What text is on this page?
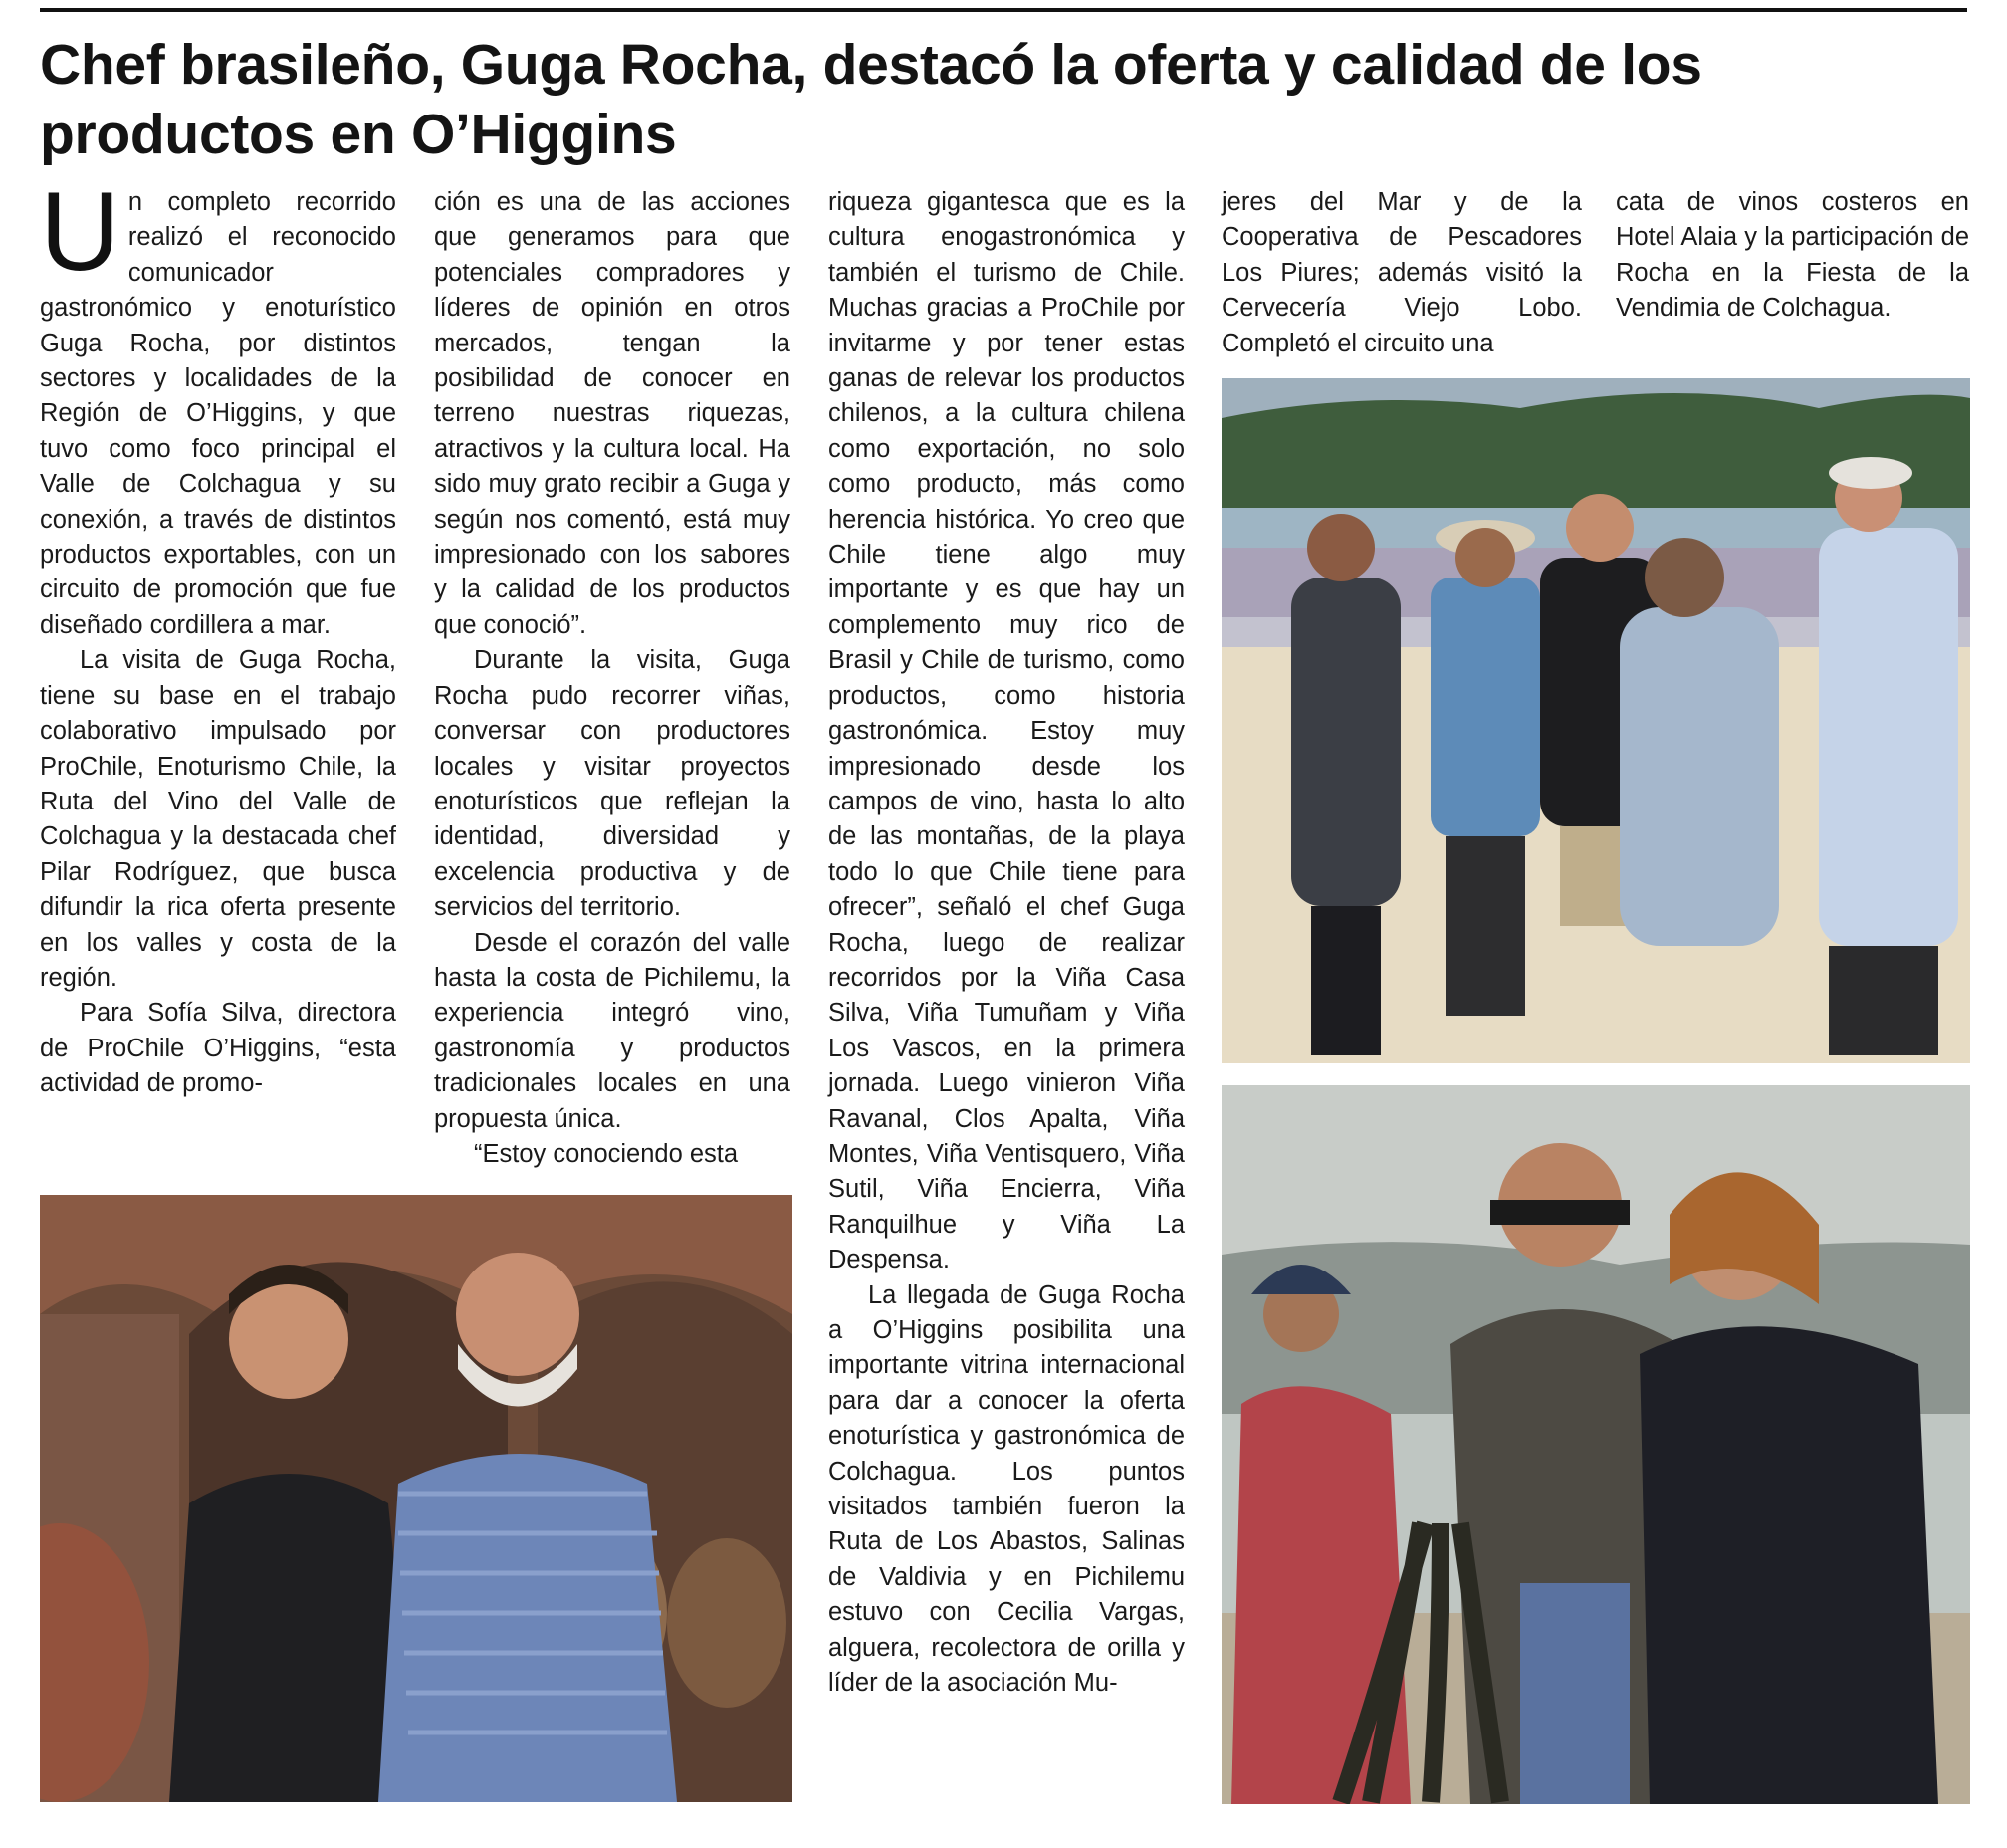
Chef brasileño, Guga Rocha, destacó la oferta y calidad de los productos en O’Higgins

Un completo recorrido realizó el reconocido comunicador gastronómico y enoturístico Guga Rocha, por distintos sectores y localidades de la Región de O’Higgins, y que tuvo como foco principal el Valle de Colchagua y su conexión, a través de distintos productos exportables, con un circuito de promoción que fue diseñado cordillera a mar.

La visita de Guga Rocha, tiene su base en el trabajo colaborativo impulsado por ProChile, Enoturismo Chile, la Ruta del Vino del Valle de Colchagua y la destacada chef Pilar Rodríguez, que busca difundir la rica oferta presente en los valles y costa de la región.

Para Sofía Silva, directora de ProChile O’Higgins, “esta actividad de promo-

ción es una de las acciones que generamos para que potenciales compradores y líderes de opinión en otros mercados, tengan la posibilidad de conocer en terreno nuestras riquezas, atractivos y la cultura local. Ha sido muy grato recibir a Guga y según nos comentó, está muy impresionado con los sabores y la calidad de los productos que conoció”.

Durante la visita, Guga Rocha pudo recorrer viñas, conversar con productores locales y visitar proyectos enoturísticos que reflejan la identidad, diversidad y excelencia productiva y de servicios del territorio.

Desde el corazón del valle hasta la costa de Pichilemu, la experiencia integró vino, gastronomía y productos tradicionales locales en una propuesta única.

“Estoy conociendo esta

riqueza gigantesca que es la cultura enogastronómica y también el turismo de Chile. Muchas gracias a ProChile por invitarme y por tener estas ganas de relevar los productos chilenos, a la cultura chilena como exportación, no solo como producto, más como herencia histórica. Yo creo que Chile tiene algo muy importante y es que hay un complemento muy rico de Brasil y Chile de turismo, como productos, como historia gastronómica. Estoy muy impresionado desde los campos de vino, hasta lo alto de las montañas, de la playa todo lo que Chile tiene para ofrecer”, señaló el chef Guga Rocha, luego de realizar recorridos por la Viña Casa Silva, Viña Tumuñam y Viña Los Vascos, en la primera jornada. Luego vinieron Viña Ravanal, Clos Apalta, Viña Montes, Viña Ventisquero, Viña Sutil, Viña Encierra, Viña Ranquilhue y Viña La Despensa.

La llegada de Guga Rocha a O’Higgins posibilita una importante vitrina internacional para dar a conocer la oferta enoturística y gastronómica de Colchagua. Los puntos visitados también fueron la Ruta de Los Abastos, Salinas de Valdivia y en Pichilemu estuvo con Cecilia Vargas, alguera, recolectora de orilla y líder de la asociación Mu-

jeres del Mar y de la Cooperativa de Pescadores Los Piures; además visitó la Cervecería Viejo Lobo. Completó el circuito una

cata de vinos costeros en Hotel Alaia y la participación de Rocha en la Fiesta de la Vendimia de Colchagua.
